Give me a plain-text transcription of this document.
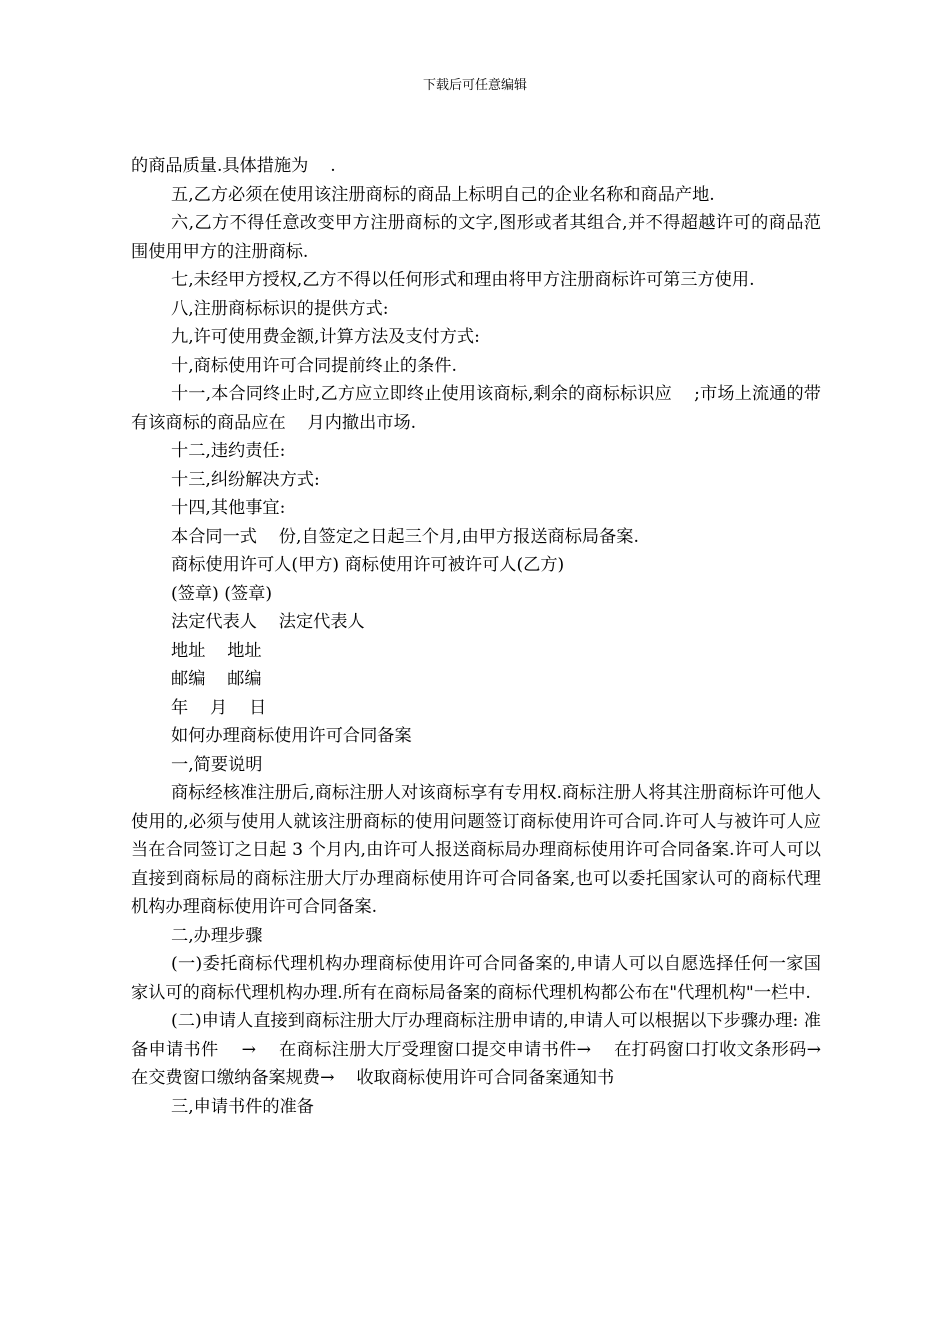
下载后可任意编辑

的商品质量.具体措施为    .

五,乙方必须在使用该注册商标的商品上标明自己的企业名称和商品产地.

六,乙方不得任意改变甲方注册商标的文字,图形或者其组合,并不得超越许可的商品范围使用甲方的注册商标.

七,未经甲方授权,乙方不得以任何形式和理由将甲方注册商标许可第三方使用.

八,注册商标标识的提供方式:

九,许可使用费金额,计算方法及支付方式:

十,商标使用许可合同提前终止的条件.

十一,本合同终止时,乙方应立即终止使用该商标,剩余的商标标识应    ;市场上流通的带有该商标的商品应在    月内撤出市场.

十二,违约责任:

十三,纠纷解决方式:

十四,其他事宜:

本合同一式    份,自签定之日起三个月,由甲方报送商标局备案.

商标使用许可人(甲方) 商标使用许可被许可人(乙方)

(签章) (签章)

法定代表人    法定代表人

地址    地址

邮编    邮编

年    月    日

如何办理商标使用许可合同备案

一,简要说明

商标经核准注册后,商标注册人对该商标享有专用权.商标注册人将其注册商标许可他人使用的,必须与使用人就该注册商标的使用问题签订商标使用许可合同.许可人与被许可人应当在合同签订之日起 3 个月内,由许可人报送商标局办理商标使用许可合同备案.许可人可以直接到商标局的商标注册大厅办理商标使用许可合同备案,也可以委托国家认可的商标代理机构办理商标使用许可合同备案.

二,办理步骤

(一)委托商标代理机构办理商标使用许可合同备案的,申请人可以自愿选择任何一家国家认可的商标代理机构办理.所有在商标局备案的商标代理机构都公布在"代理机构"一栏中.

(二)申请人直接到商标注册大厅办理商标注册申请的,申请人可以根据以下步骤办理: 准备申请书件    →    在商标注册大厅受理窗口提交申请书件→    在打码窗口打收文条形码→    在交费窗口缴纳备案规费→    收取商标使用许可合同备案通知书

三,申请书件的准备
